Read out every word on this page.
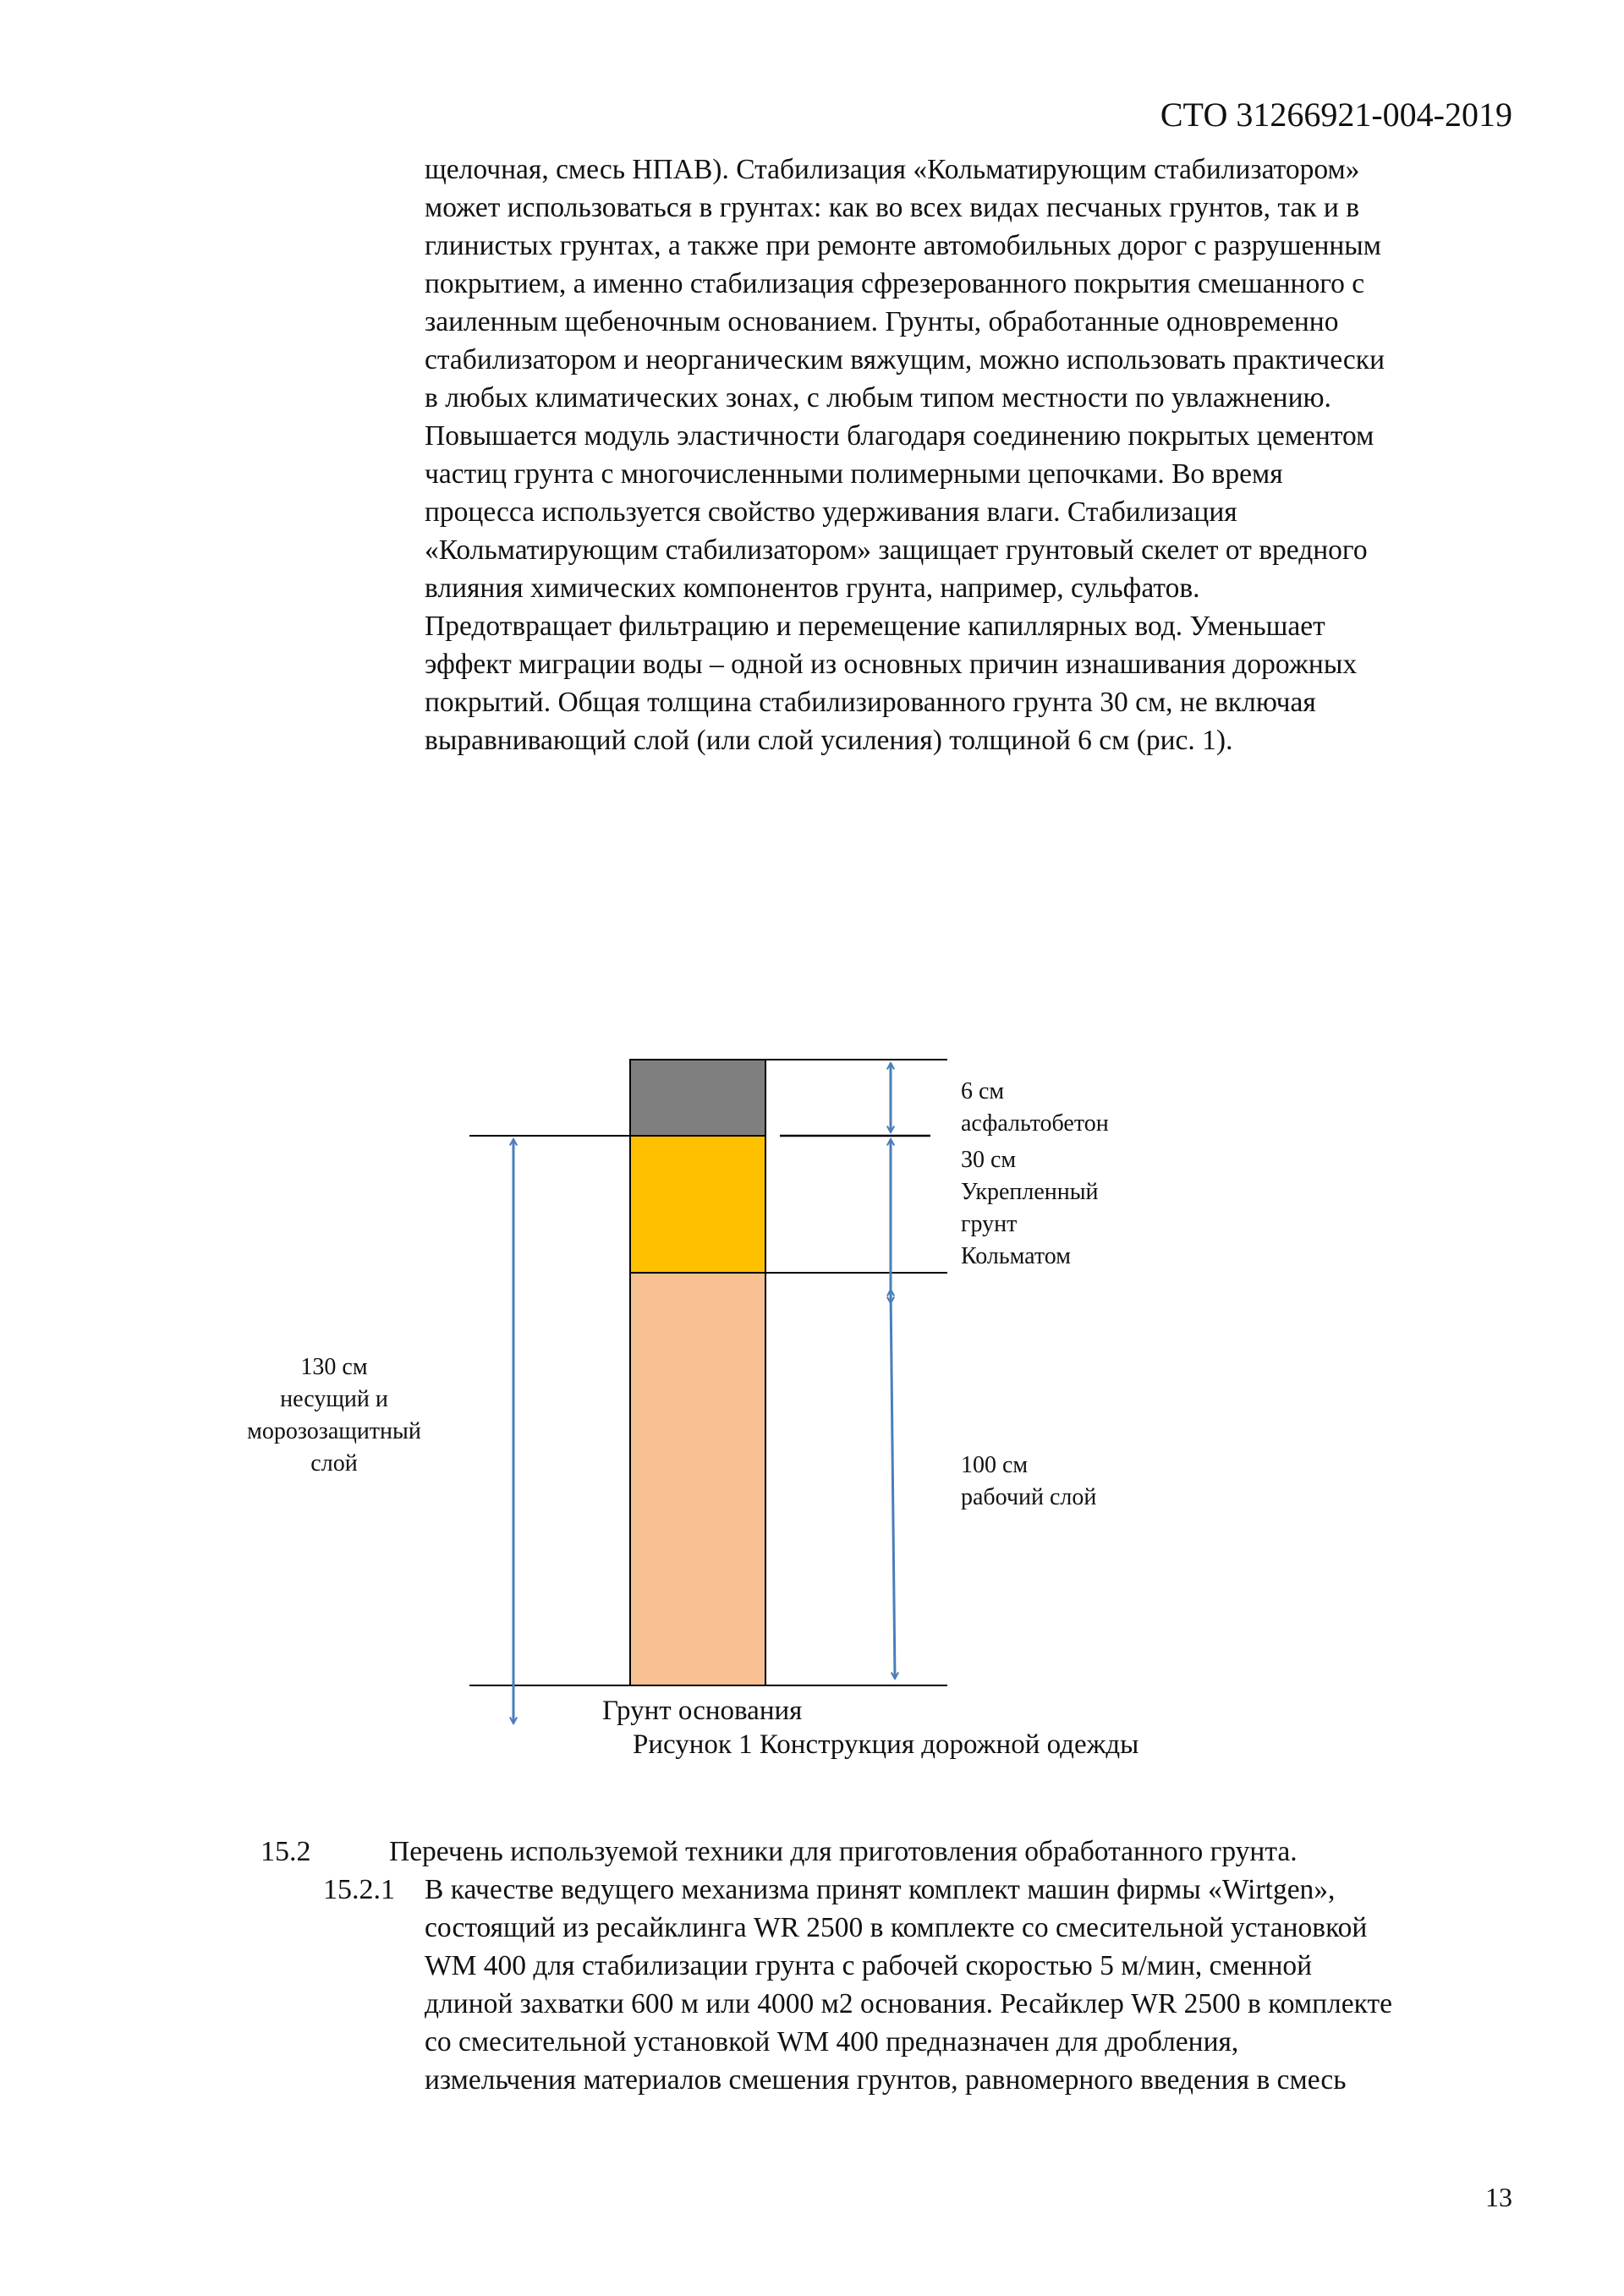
СТО 31266921-004-2019
щелочная, смесь НПАВ). Стабилизация «Кольматирующим стабилизатором»
может использоваться в грунтах: как во всех видах песчаных грунтов, так и в
глинистых грунтах, а также при ремонте автомобильных дорог с разрушенным
покрытием, а именно стабилизация сфрезерованного покрытия смешанного с
заиленным щебеночным основанием. Грунты, обработанные одновременно
стабилизатором и неорганическим вяжущим, можно использовать практически
в любых климатических зонах, с любым типом местности по увлажнению.
Повышается модуль эластичности благодаря соединению покрытых цементом
частиц грунта с многочисленными полимерными цепочками. Во время
процесса используется свойство удерживания влаги. Стабилизация
«Кольматирующим стабилизатором» защищает грунтовый скелет от вредного
влияния химических компонентов грунта, например, сульфатов.
Предотвращает фильтрацию и перемещение капиллярных вод. Уменьшает
эффект миграции воды – одной из основных причин изнашивания дорожных
покрытий. Общая толщина стабилизированного грунта 30 см, не включая
выравнивающий слой (или слой усиления) толщиной 6 см (рис. 1).
6 см
асфальтобетон
30 см
Укрепленный
грунт
Кольматом
100 см
рабочий слой
130 см
несущий и
морозозащитный
слой
Грунт основания
Рисунок 1 Конструкция дорожной одежды
15.2	Перечень используемой техники для приготовления обработанного грунта.
15.2.1 В качестве ведущего механизма принят комплект машин фирмы «Wirtgen»,
состоящий из ресайклинга WR 2500 в комплекте со смесительной установкой
WM 400 для стабилизации грунта с рабочей скоростью 5 м/мин, сменной
длиной захватки 600 м или 4000 м2 основания. Ресайклер WR 2500 в комплекте
со смесительной установкой WM 400 предназначен для дробления,
измельчения материалов смешения грунтов, равномерного введения в смесь
13
